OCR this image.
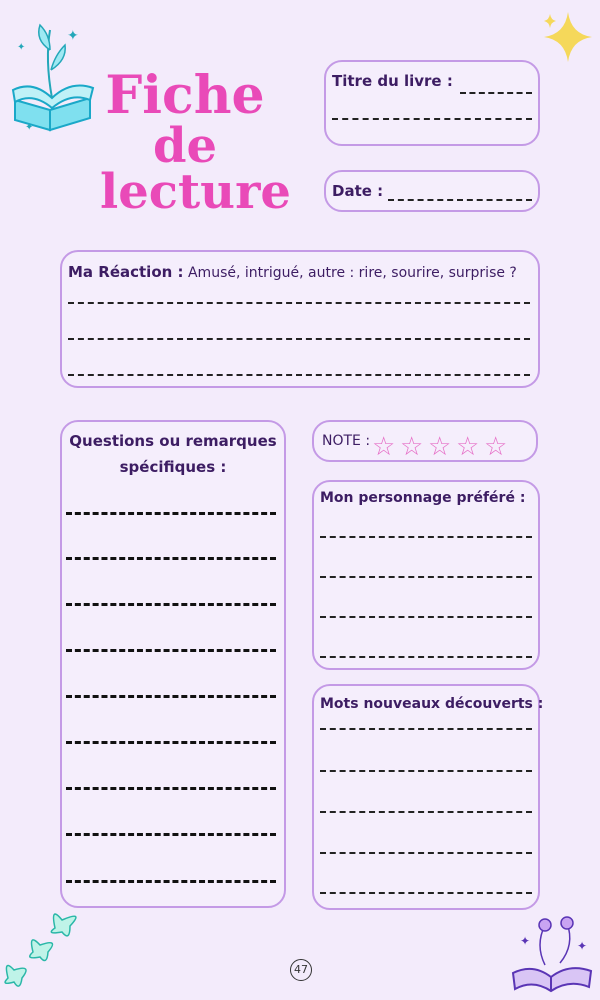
✦
✦
✦
Fiche
de
lecture
Titre du livre :
Date :
Ma Réaction : Amusé, intrigué, autre : rire, sourire, surprise ?
Questions ou remarques
spécifiques :
NOTE : ☆ ☆ ☆ ☆ ☆
Mon personnage préféré :
Mots nouveaux découverts :
47
✦	✦
